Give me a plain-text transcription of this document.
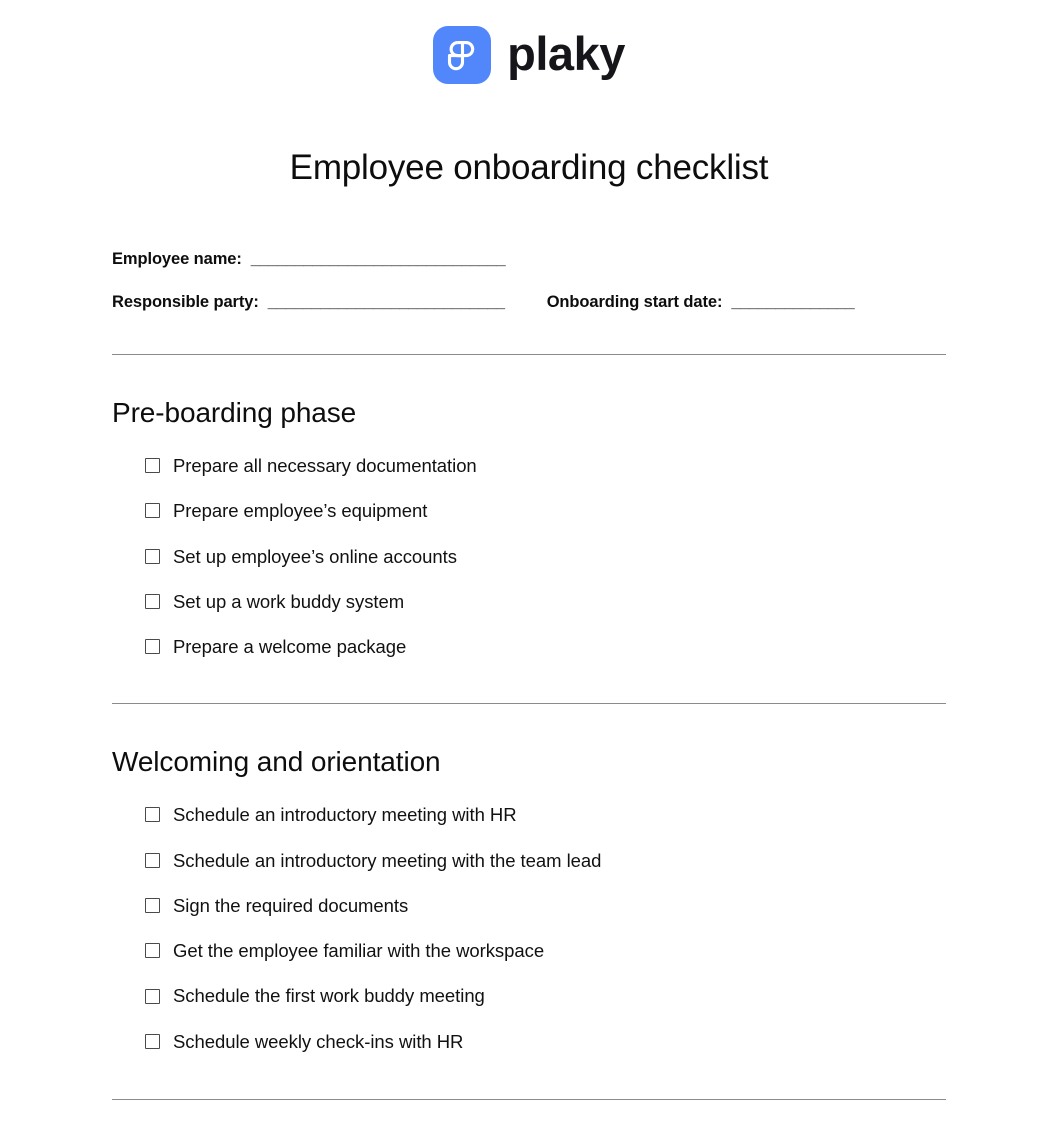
plaky
Employee onboarding checklist
Employee name: _____________________________
Responsible party: ___________________________	Onboarding start date: ______________
Pre-boarding phase
Prepare all necessary documentation
Prepare employee’s equipment
Set up employee’s online accounts
Set up a work buddy system
Prepare a welcome package
Welcoming and orientation
Schedule an introductory meeting with HR
Schedule an introductory meeting with the team lead
Sign the required documents
Get the employee familiar with the workspace
Schedule the first work buddy meeting
Schedule weekly check-ins with HR
